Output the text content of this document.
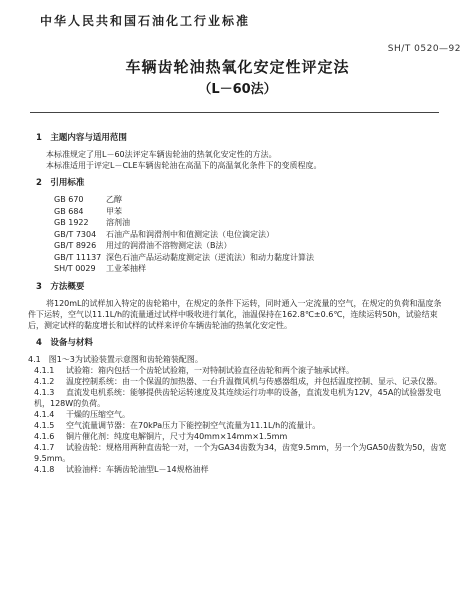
中华人民共和国石油化工行业标准
SH/T 0520—92
车辆齿轮油热氧化安定性评定法
（L－60法）
1　主题内容与适用范围

本标准规定了用L－60法评定车辆齿轮油的热氧化安定性的方法。

本标准适用于评定L－CLE车辆齿轮油在高温下的高温氧化条件下的变质程度。

2　引用标准
GB 670	乙醇
GB 684	甲苯
GB 1922 溶剂油
GB/T 7304 石油产品和润滑剂中和值测定法（电位滴定法）
GB/T 8926 用过的润滑油不溶物测定法（B法）
GB/T 11137 深色石油产品运动黏度测定法（逆流法）和动力黏度计算法
SH/T 0029 工业苯抽样
3　方法概要

将120mL的试样加入特定的齿轮箱中，在规定的条件下运转，同时通入一定流量的空气，在规定的负荷和温度条件下运转，空气以11.1L/h的流量通过试样中吸收进行氧化，油温保持在162.8℃±0.6℃，连续运转50h，试验结束后，测定试样的黏度增长和试样的试样来评价车辆齿轮油的热氧化安定性。

4　设备与材料

4.1　图1～3为试验装置示意图和齿轮箱装配图。

4.1.1 试验箱：箱内包括一个齿轮试验箱，一对特制试验直径齿轮和两个滚子轴承试样。

4.1.2 温度控制系统：由一个保温的加热器、一台升温微风机与传感器组成，并包括温度控制、显示、记录仪器。

4.1.3 直流发电机系统：能够提供齿轮运转速度及其连续运行功率的设备，直流发电机为12V，45A的试验器发电机，128W的负荷。

4.1.4 干燥的压缩空气。

4.1.5 空气流量调节器：在70kPa压力下能控制空气流量为11.1L/h的流量计。

4.1.6 铜片催化剂：纯度电解铜片，尺寸为40mm×14mm×1.5mm

4.1.7 试验齿轮：规格用两种直齿轮一对，一个为GA34齿数为34，齿宽9.5mm，另一个为GA50齿数为50，齿宽9.5mm。

4.1.8 试验油样：车辆齿轮油型L－14规格油样
